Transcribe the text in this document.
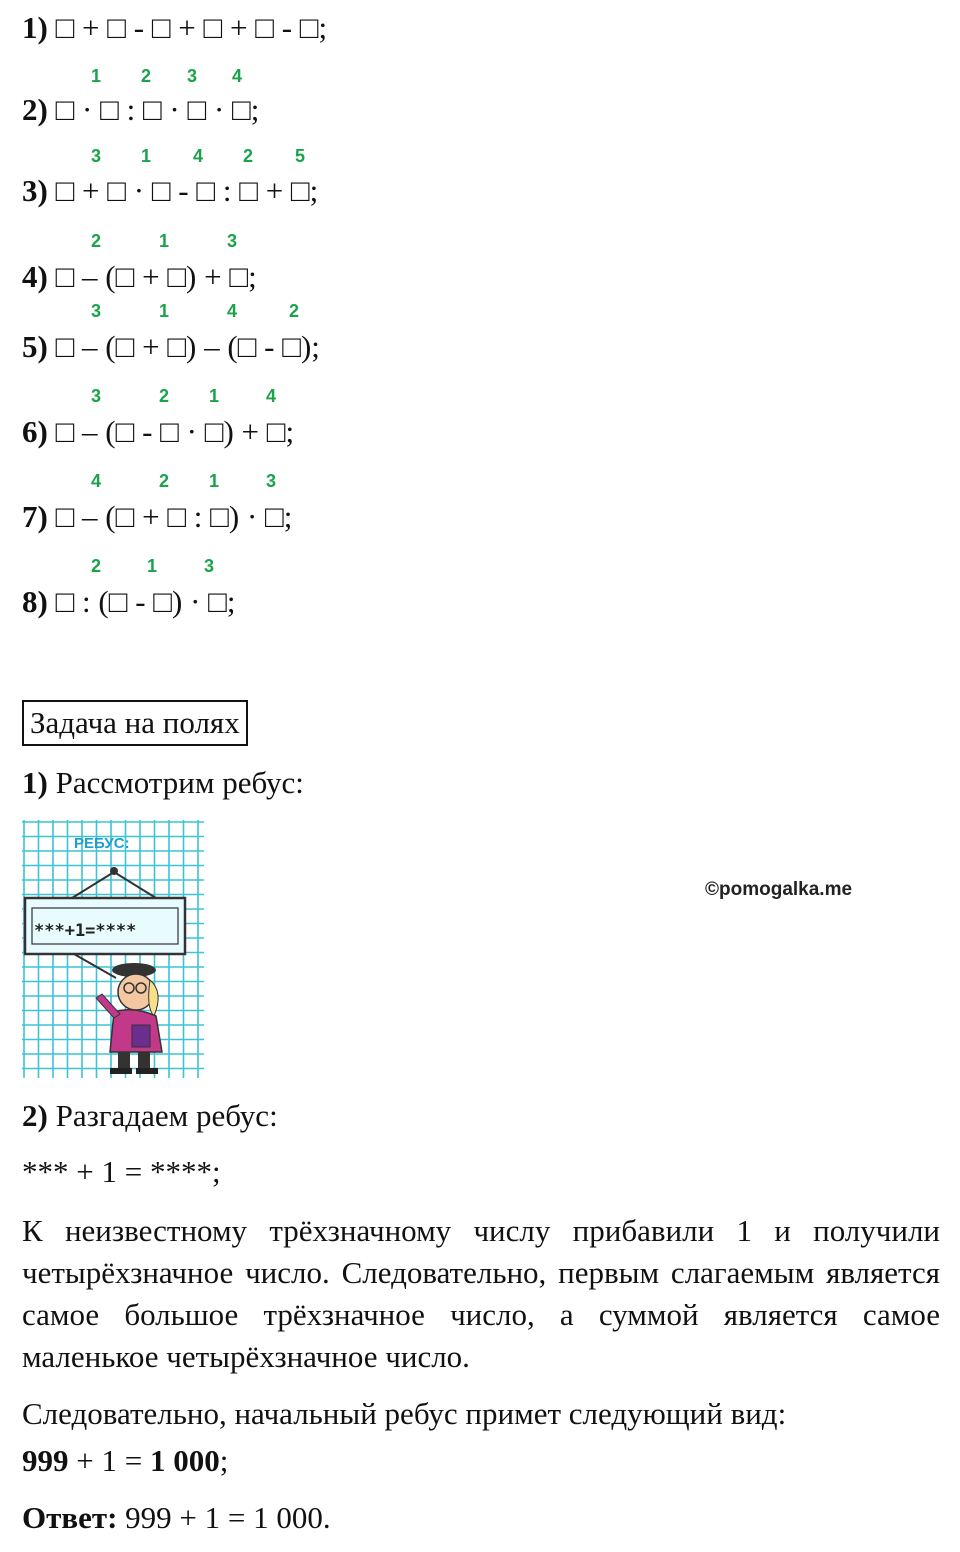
1) □ + □ - □ + □ + □ - □;
1 2 3 4
2) □ · □ : □ · □ · □;
3 1 4 2 5
3) □ + □ · □ - □ : □ + □;
2	1	3
4) □ – (□ + □) + □;
3	1	4	2
5) □ – (□ + □) – (□ - □);
3	2 1	4
6) □ – (□ - □ · □) + □;
4	2 1	3
7) □ – (□ + □ : □) · □;
2	1	3
8) □ : (□ - □) · □;
Задача на полях
1) Рассмотрим ребус:
РЕБУС:
***+1=****
©pomogalka.me
2) Разгадаем ребус:
*** + 1 = ****;
К неизвестному трёхзначному числу прибавили 1 и получили четырёхзначное число. Следовательно, первым слагаемым является самое большое трёхзначное число, а суммой является самое маленькое четырёхзначное число.
Следовательно, начальный ребус примет следующий вид:
999 + 1 = 1 000;
Ответ: 999 + 1 = 1 000.
